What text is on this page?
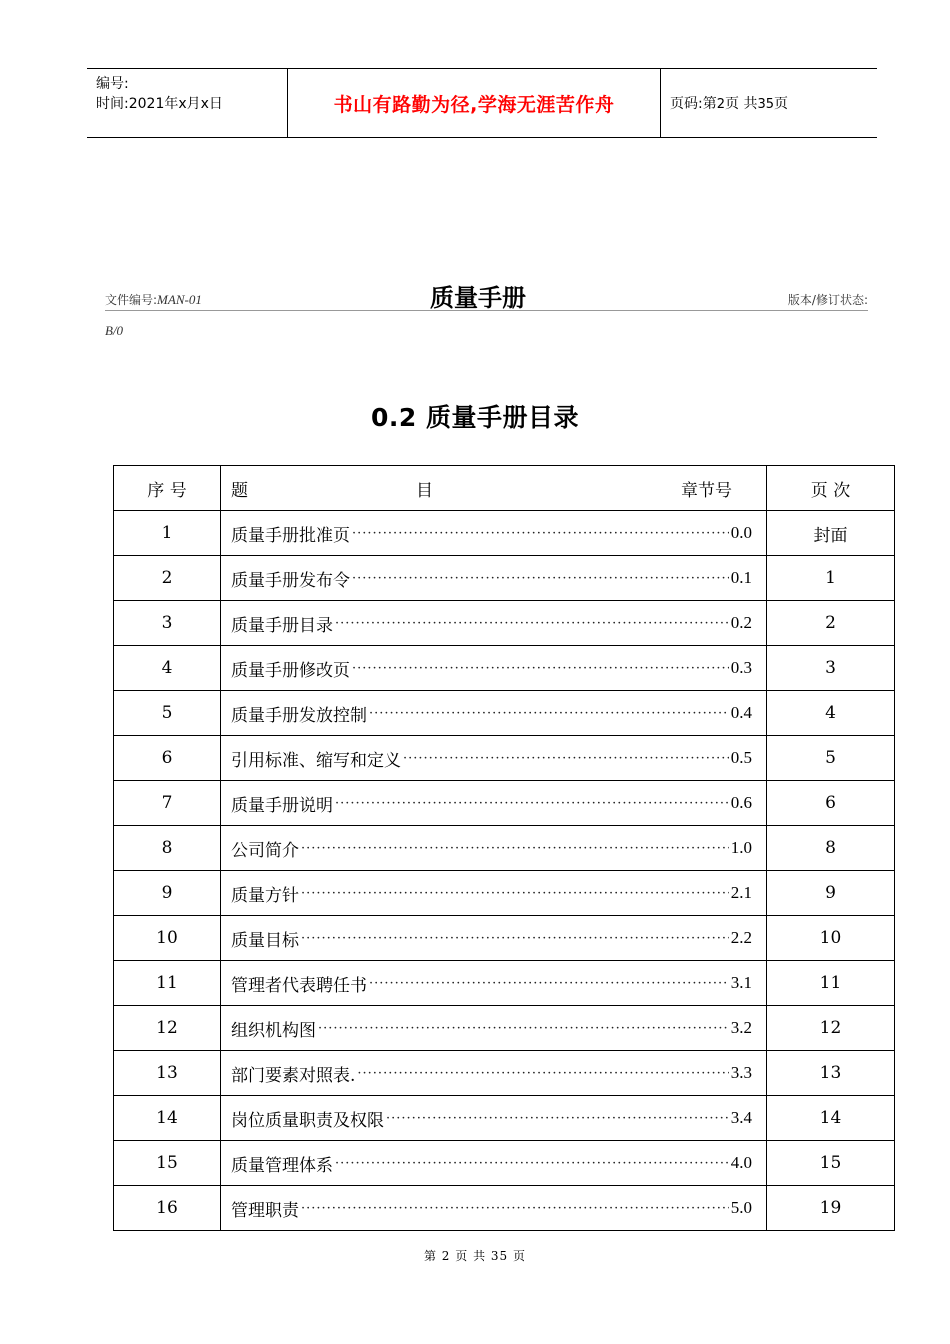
编号:
时间:2021年x月x日	书山有路勤为径,学海无涯苦作舟	页码:第2页 共35页
文件编号:MAN-01	质量手册	版本/修订状态:
B/0
0.2 质量手册目录
序 号	题 目 章节号	页 次
1	质量手册批准页 ····· 0.0	封面
2	质量手册发布令 ····· 0.1	1
3	质量手册目录 ····· 0.2	2
4	质量手册修改页 ····· 0.3	3
5	质量手册发放控制 ····· 0.4	4
6	引用标准、缩写和定义 ····· 0.5	5
7	质量手册说明 ····· 0.6	6
8	公司简介 ····· 1.0	8
9	质量方针 ····· 2.1	9
10	质量目标 ····· 2.2	10
11	管理者代表聘任书 ····· 3.1	11
12	组织机构图 ····· 3.2	12
13	部门要素对照表. ····· 3.3	13
14	岗位质量职责及权限 ····· 3.4	14
15	质量管理体系 ····· 4.0	15
16	管理职责 ····· 5.0	19
第 2 页 共 35 页
